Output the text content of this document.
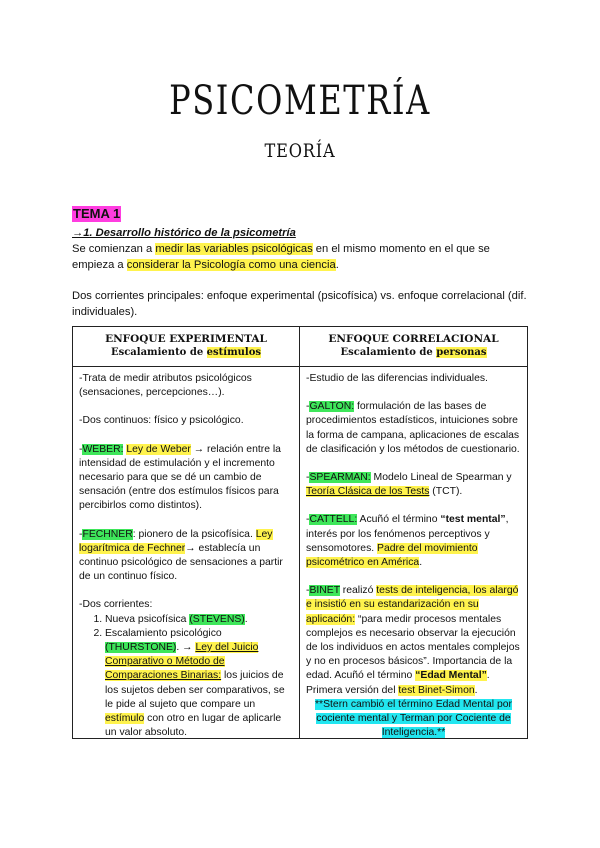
PSICOMETRÍA
TEORÍA
TEMA 1
→1. Desarrollo histórico de la psicometría
Se comienzan a medir las variables psicológicas en el mismo momento en el que se empieza a considerar la Psicología como una ciencia.
Dos corrientes principales: enfoque experimental (psicofísica) vs. enfoque correlacional (dif. individuales).
ENFOQUE EXPERIMENTAL
Escalamiento de estímulos

-Trata de medir atributos psicológicos (sensaciones, percepciones…).

-Dos continuos: físico y psicológico.

-WEBER: Ley de Weber → relación entre la intensidad de estimulación y el incremento necesario para que se dé un cambio de sensación (entre dos estímulos físicos para percibirlos como distintos).

-FECHNER: pionero de la psicofísica. Ley logarítmica de Fechner→ establecía un continuo psicológico de sensaciones a partir de un continuo físico.

-Dos corrientes:

1. Nueva psicofísica (STEVENS).
2. Escalamiento psicológico (THURSTONE). → Ley del Juicio Comparativo o Método de Comparaciones Binarias: los juicios de los sujetos deben ser comparativos, se le pide al sujeto que compare un estímulo con otro en lugar de aplicarle un valor absoluto.
ENFOQUE CORRELACIONAL
Escalamiento de personas

-Estudio de las diferencias individuales.

-GALTON: formulación de las bases de procedimientos estadísticos, intuiciones sobre la forma de campana, aplicaciones de escalas de clasificación y los métodos de cuestionario.

-SPEARMAN: Modelo Lineal de Spearman y Teoría Clásica de los Tests (TCT).

-CATTELL: Acuñó el término “test mental”, interés por los fenómenos perceptivos y sensomotores. Padre del movimiento psicométrico en América.

-BINET realizó tests de inteligencia, los alargó e insistió en su estandarización en su aplicación: “para medir procesos mentales complejos es necesario observar la ejecución de los individuos en actos mentales complejos y no en procesos básicos”. Importancia de la edad. Acuñó el término “Edad Mental”. Primera versión del test Binet-Simon.

**Stern cambió el término Edad Mental por cociente mental y Terman por Cociente de Inteligencia.**
